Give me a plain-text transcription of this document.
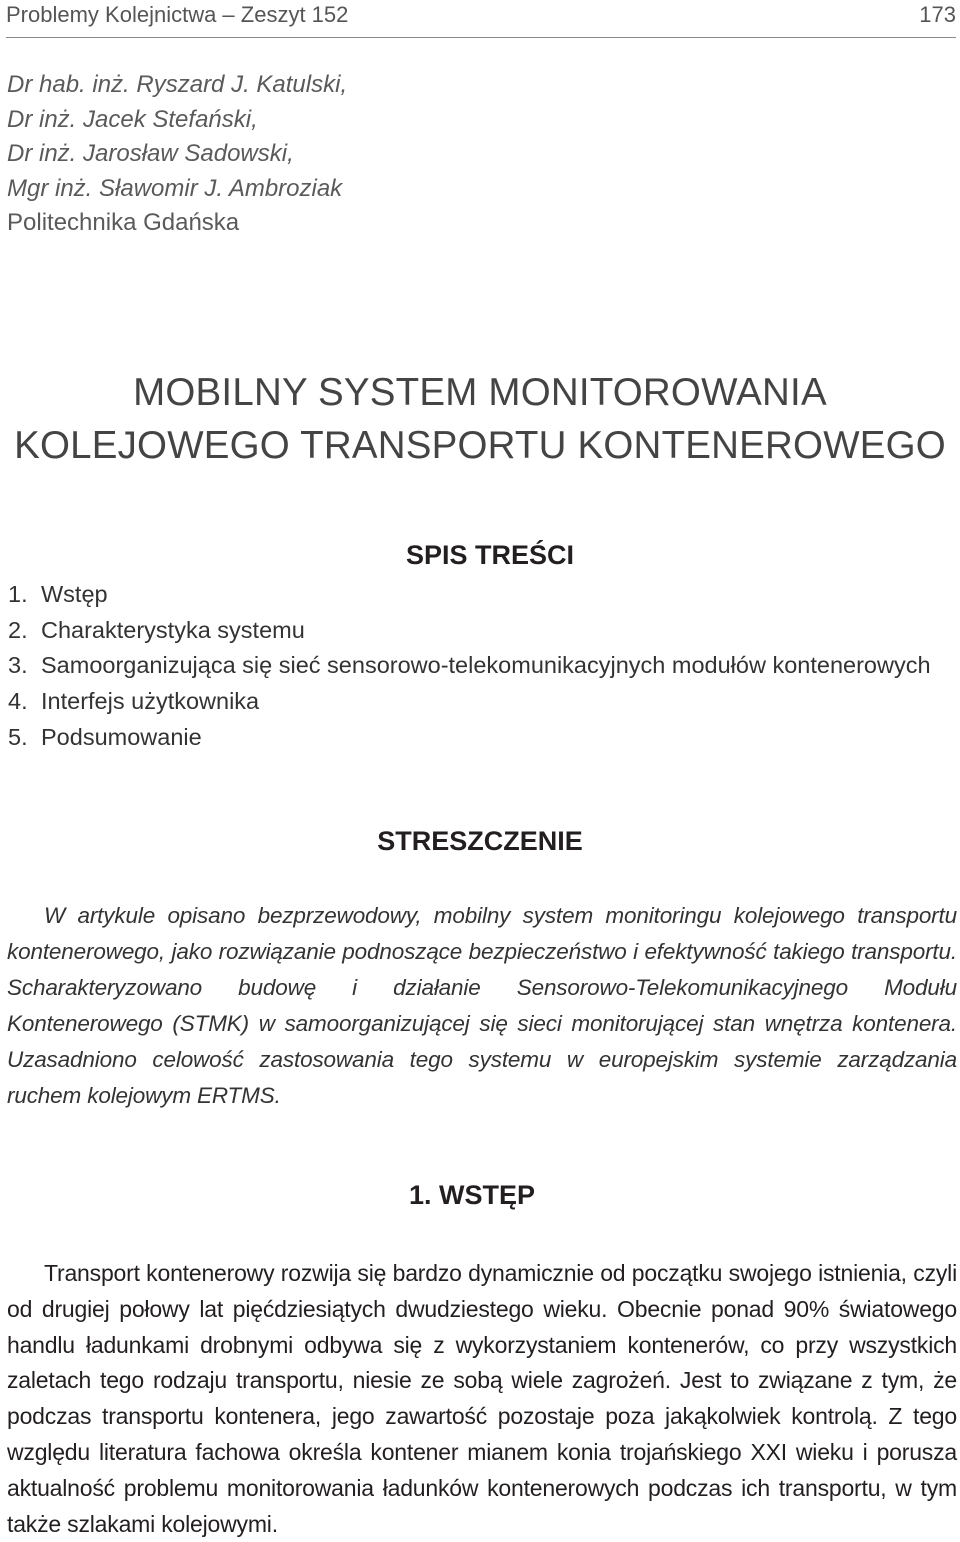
Problemy Kolejnictwa – Zeszyt 152	173
Dr hab. inż. Ryszard J. Katulski,
Dr inż. Jacek Stefański,
Dr inż. Jarosław Sadowski,
Mgr inż. Sławomir J. Ambroziak
Politechnika Gdańska
MOBILNY SYSTEM MONITOROWANIA
KOLEJOWEGO TRANSPORTU KONTENEROWEGO
SPIS TREŚCI
1. Wstęp
2. Charakterystyka systemu
3. Samoorganizująca się sieć sensorowo-telekomunikacyjnych modułów kontenerowych
4. Interfejs użytkownika
5. Podsumowanie
STRESZCZENIE

W artykule opisano bezprzewodowy, mobilny system monitoringu kolejowego transportu kontenerowego, jako rozwiązanie podnoszące bezpieczeństwo i efektywność takiego transportu. Scharakteryzowano budowę i działanie Sensorowo-Telekomunikacyjnego Modułu Kontenerowego (STMK) w samoorganizującej się sieci monitorującej stan wnętrza kontenera. Uzasadniono celowość zastosowania tego systemu w europejskim systemie zarządzania ruchem kolejowym ERTMS.

1. WSTĘP

Transport kontenerowy rozwija się bardzo dynamicznie od początku swojego istnienia, czyli od drugiej połowy lat pięćdziesiątych dwudziestego wieku. Obecnie ponad 90% światowego handlu ładunkami drobnymi odbywa się z wykorzystaniem kontenerów, co przy wszystkich zaletach tego rodzaju transportu, niesie ze sobą wiele zagrożeń. Jest to związane z tym, że podczas transportu kontenera, jego zawartość pozostaje poza jakąkolwiek kontrolą. Z tego względu literatura fachowa określa kontener mianem konia trojańskiego XXI wieku i porusza aktualność problemu monitorowania ładunków kontenerowych podczas ich transportu, w tym także szlakami kolejowymi.
